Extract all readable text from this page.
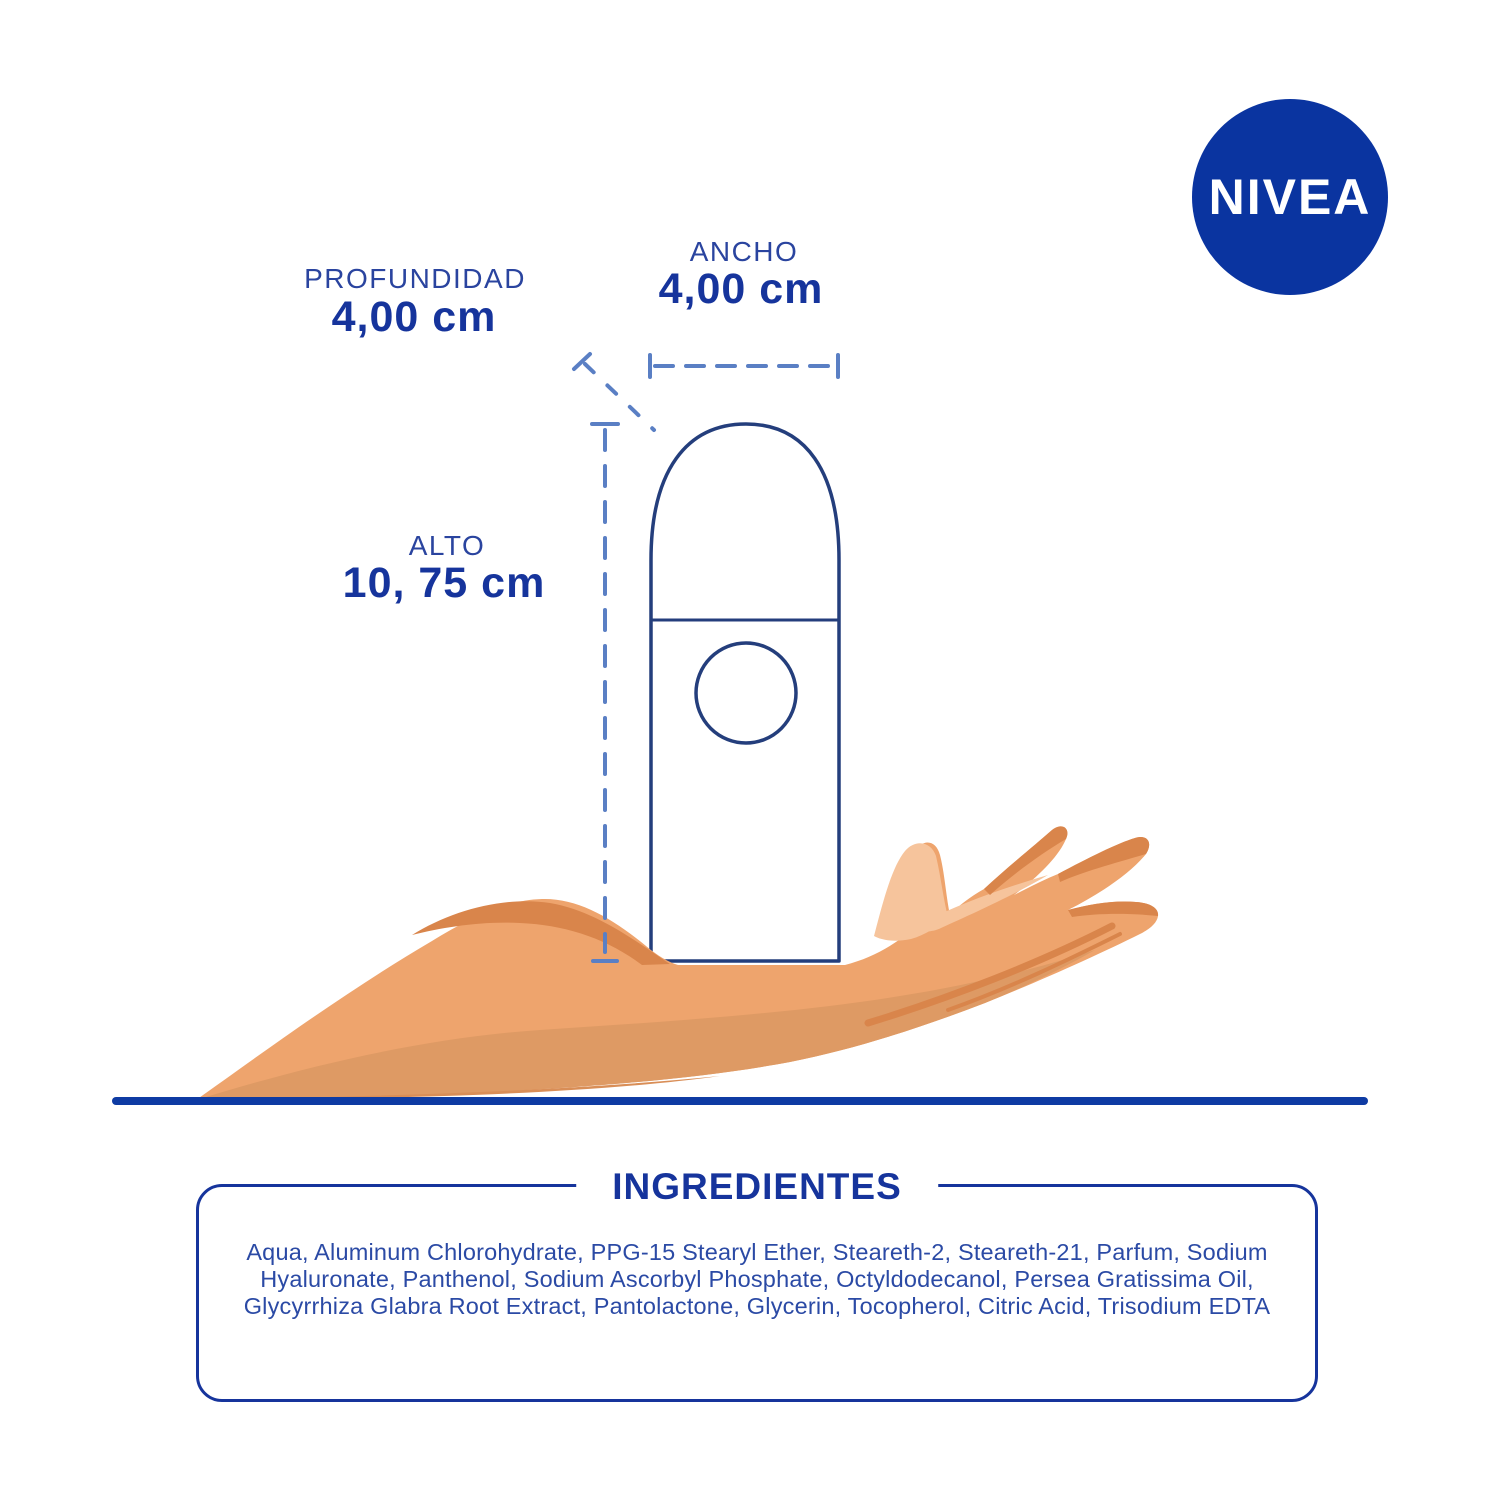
PROFUNDIDAD
4,00 cm
ANCHO
4,00 cm
ALTO
10, 75 cm
NIVEA
INGREDIENTES
Aqua, Aluminum Chlorohydrate, PPG-15 Stearyl Ether, Steareth-2, Steareth-21, Parfum, Sodium
Hyaluronate, Panthenol, Sodium Ascorbyl Phosphate, Octyldodecanol, Persea Gratissima Oil,
Glycyrrhiza Glabra Root Extract, Pantolactone, Glycerin, Tocopherol, Citric Acid, Trisodium EDTA
